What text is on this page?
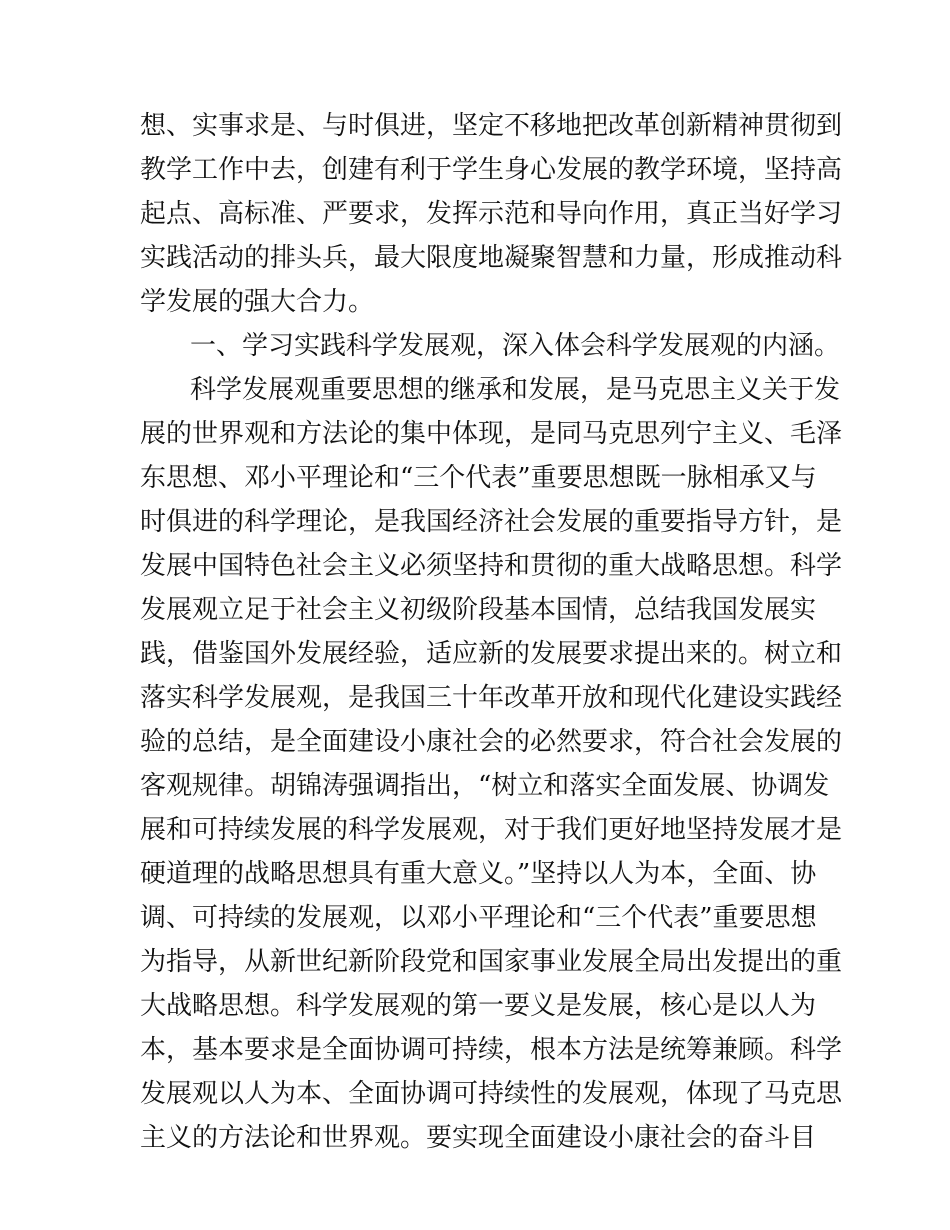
想、实事求是、与时俱进，坚定不移地把改革创新精神贯彻到
教学工作中去，创建有利于学生身心发展的教学环境，坚持高
起点、高标准、严要求，发挥示范和导向作用，真正当好学习
实践活动的排头兵，最大限度地凝聚智慧和力量，形成推动科
学发展的强大合力。
一、学习实践科学发展观，深入体会科学发展观的内涵。
科学发展观重要思想的继承和发展，是马克思主义关于发
展的世界观和方法论的集中体现，是同马克思列宁主义、毛泽
东思想、邓小平理论和“三个代表”重要思想既一脉相承又与
时俱进的科学理论，是我国经济社会发展的重要指导方针，是
发展中国特色社会主义必须坚持和贯彻的重大战略思想。科学
发展观立足于社会主义初级阶段基本国情，总结我国发展实
践，借鉴国外发展经验，适应新的发展要求提出来的。树立和
落实科学发展观，是我国三十年改革开放和现代化建设实践经
验的总结，是全面建设小康社会的必然要求，符合社会发展的
客观规律。胡锦涛强调指出，“树立和落实全面发展、协调发
展和可持续发展的科学发展观，对于我们更好地坚持发展才是
硬道理的战略思想具有重大意义。”坚持以人为本，全面、协
调、可持续的发展观，以邓小平理论和“三个代表”重要思想
为指导，从新世纪新阶段党和国家事业发展全局出发提出的重
大战略思想。科学发展观的第一要义是发展，核心是以人为
本，基本要求是全面协调可持续，根本方法是统筹兼顾。科学
发展观以人为本、全面协调可持续性的发展观，体现了马克思
主义的方法论和世界观。要实现全面建设小康社会的奋斗目
